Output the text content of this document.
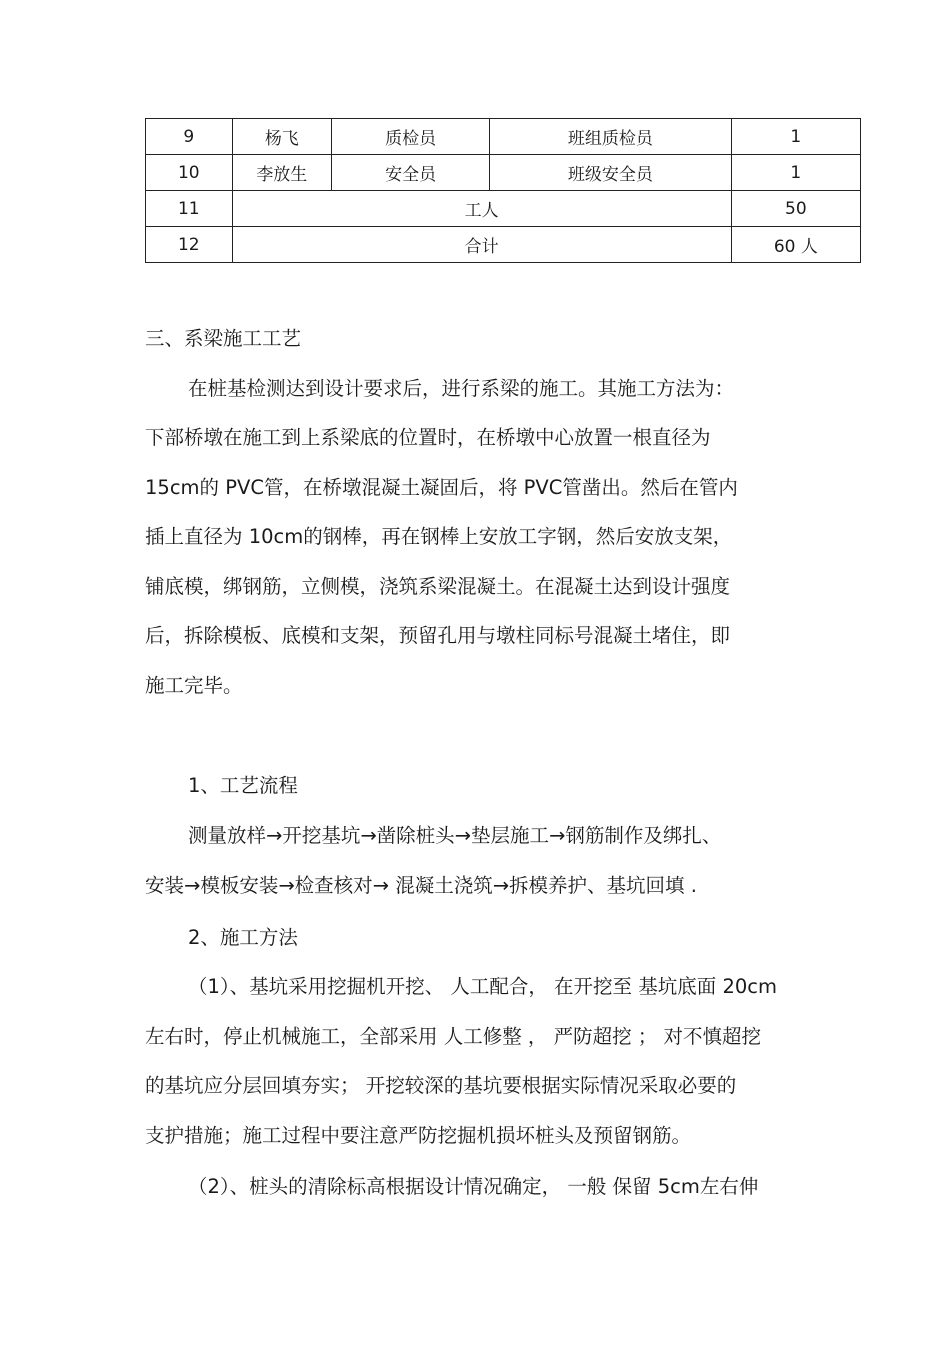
9	杨飞	质检员	班组质检员	1
10	李放生	安全员	班级安全员	1
11	工人			50
12	合计			60 人
三、系梁施工工艺
在桩基检测达到设计要求后，进行系梁的施工。其施工方法为：
下部桥墩在施工到上系梁底的位置时，在桥墩中心放置一根直径为
15cm的 PVC管，在桥墩混凝土凝固后，将 PVC管凿出。然后在管内
插上直径为 10cm的钢棒，再在钢棒上安放工字钢，然后安放支架，
铺底模，绑钢筋，立侧模，浇筑系梁混凝土。在混凝土达到设计强度
后，拆除模板、底模和支架，预留孔用与墩柱同标号混凝土堵住，即
施工完毕。
1、工艺流程
测量放样→开挖基坑→凿除桩头→垫层施工→钢筋制作及绑扎、
安装→模板安装→检查核对→ 混凝土浇筑→拆模养护、基坑回填 .
2、施工方法
（1）、基坑采用挖掘机开挖、 人工配合， 在开挖至 基坑底面 20cm
左右时，停止机械施工，全部采用 人工修整 ， 严防超挖 ； 对不慎超挖
的基坑应分层回填夯实； 开挖较深的基坑要根据实际情况采取必要的
支护措施；施工过程中要注意严防挖掘机损坏桩头及预留钢筋。
（2）、桩头的清除标高根据设计情况确定， 一般 保留 5cm左右伸
